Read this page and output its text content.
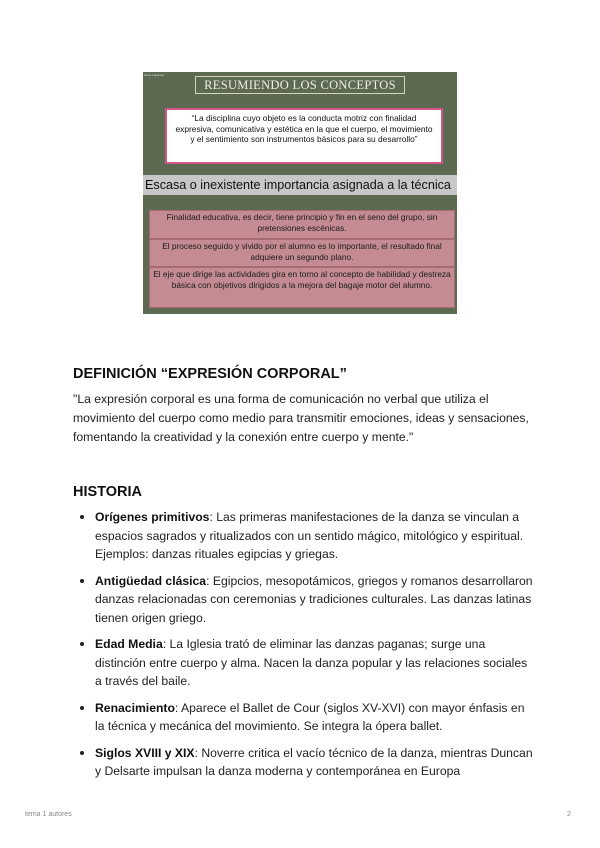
tema 1 autores
RESUMIENDO LOS CONCEPTOS
“La disciplina cuyo objeto es la conducta motriz con finalidad expresiva, comunicativa y estética en la que el cuerpo, el movimiento y el sentimiento son instrumentos básicos para su desarrollo”
Escasa o inexistente importancia asignada a la técnica
Finalidad educativa, es decir, tiene principio y fin en el seno del grupo, sin pretensiones escénicas.
El proceso seguido y vivido por el alumno es lo importante, el resultado final adquiere un segundo plano.
El eje que dirige las actividades gira en torno al concepto de habilidad y destreza básica con objetivos dirigidos a la mejora del bagaje motor del alumno.
DEFINICIÓN “EXPRESIÓN CORPORAL”
"La expresión corporal es una forma de comunicación no verbal que utiliza el movimiento del cuerpo como medio para transmitir emociones, ideas y sensaciones, fomentando la creatividad y la conexión entre cuerpo y mente."
HISTORIA
Orígenes primitivos: Las primeras manifestaciones de la danza se vinculan a espacios sagrados y ritualizados con un sentido mágico, mitológico y espiritual. Ejemplos: danzas rituales egipcias y griegas.
Antigüedad clásica: Egipcios, mesopotámicos, griegos y romanos desarrollaron danzas relacionadas con ceremonias y tradiciones culturales. Las danzas latinas tienen origen griego.
Edad Media: La Iglesia trató de eliminar las danzas paganas; surge una distinción entre cuerpo y alma. Nacen la danza popular y las relaciones sociales a través del baile.
Renacimiento: Aparece el Ballet de Cour (siglos XV-XVI) con mayor énfasis en la técnica y mecánica del movimiento. Se integra la ópera ballet.
Siglos XVIII y XIX: Noverre critica el vacío técnico de la danza, mientras Duncan y Delsarte impulsan la danza moderna y contemporánea en Europa
tema 1 autores	2
